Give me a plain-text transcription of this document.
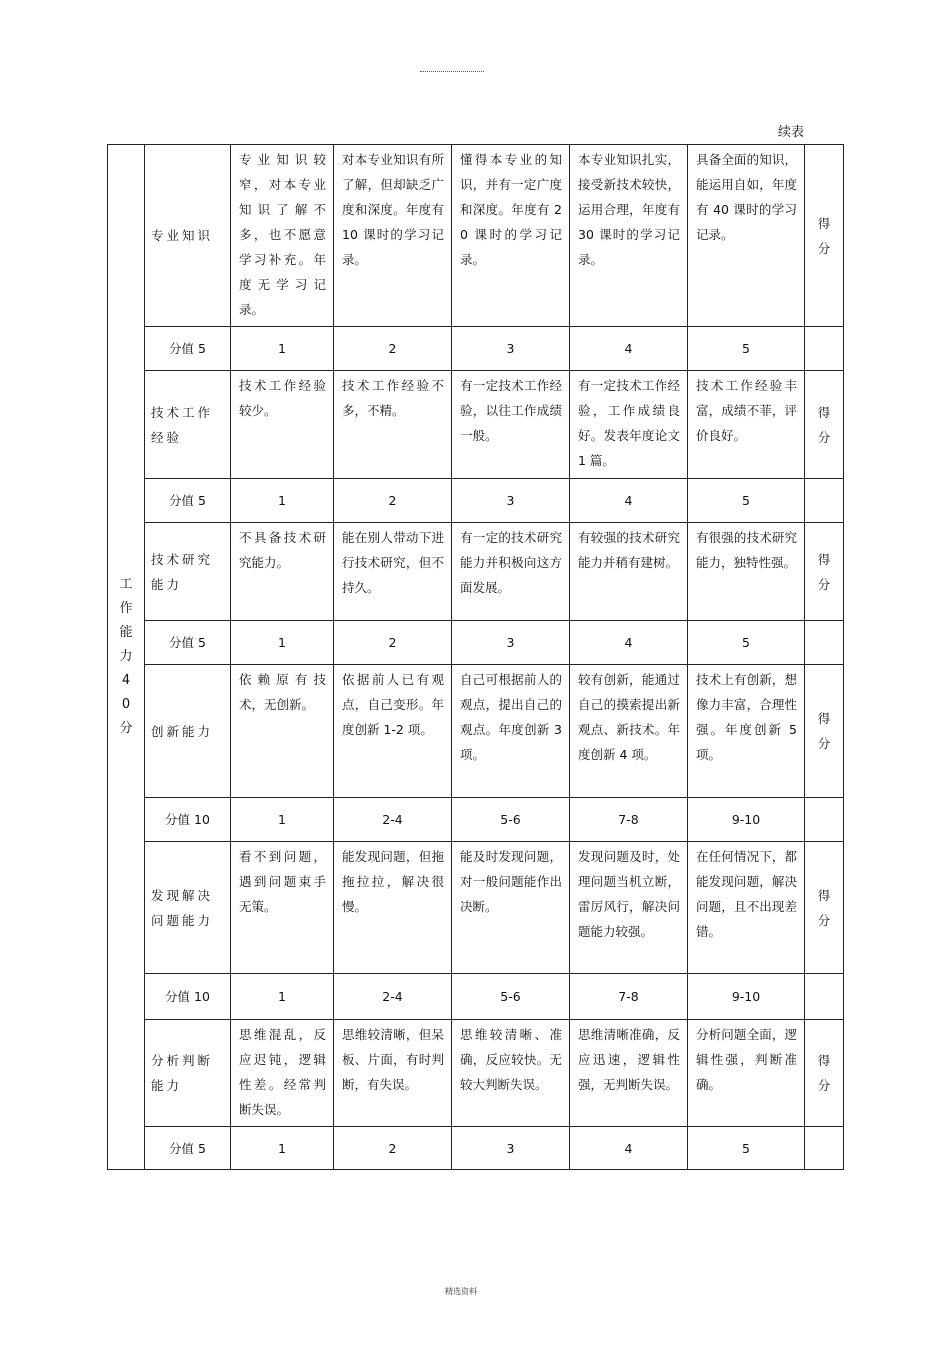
续表
工作能力40分	专业知识	专业知识较窄，对本专业知识了解不多，也不愿意学习补充。年度无学习记录。	对本专业知识有所了解，但却缺乏广度和深度。年度有 10 课时的学习记录。	懂得本专业的知识，并有一定广度和深度。年度有 20 课时的学习记录。	本专业知识扎实，接受新技术较快，运用合理，年度有 30 课时的学习记录。	具备全面的知识，能运用自如，年度有 40 课时的学习记录。	得分
	分值 5	1	2	3	4	5	
	技术工作经验	技术工作经验较少。	技术工作经验不多，不精。	有一定技术工作经验，以往工作成绩一般。	有一定技术工作经验，工作成绩良好。发表年度论文 1 篇。	技术工作经验丰富，成绩不菲，评价良好。	得分
	分值 5	1	2	3	4	5	
	技术研究能力	不具备技术研究能力。	能在别人带动下进行技术研究，但不持久。	有一定的技术研究能力并积极向这方面发展。	有较强的技术研究能力并稍有建树。	有很强的技术研究能力，独特性强。	得分
	分值 5	1	2	3	4	5	
	创新能力	依赖原有技术，无创新。	依据前人已有观点，自己变形。年度创新 1-2 项。	自己可根据前人的观点，提出自己的观点。年度创新 3 项。	较有创新，能通过自己的摸索提出新观点、新技术。年度创新 4 项。	技术上有创新，想像力丰富，合理性强。年度创新 5 项。	得分
	分值 10	1	2-4	5-6	7-8	9-10	
	发现解决问题能力	看不到问题，遇到问题束手无策。	能发现问题，但拖拖拉拉，解决很慢。	能及时发现问题，对一般问题能作出决断。	发现问题及时，处理问题当机立断，雷厉风行，解决问题能力较强。	在任何情况下，都能发现问题，解决问题，且不出现差错。	得分
	分值 10	1	2-4	5-6	7-8	9-10	
	分析判断能力	思维混乱，反应迟钝，逻辑性差。经常判断失误。	思维较清晰，但呆板、片面，有时判断，有失误。	思维较清晰、准确，反应较快。无较大判断失误。	思维清晰准确，反应迅速，逻辑性强，无判断失误。	分析问题全面，逻辑性强，判断准确。	得分
	分值 5	1	2	3	4	5	
精选资料
